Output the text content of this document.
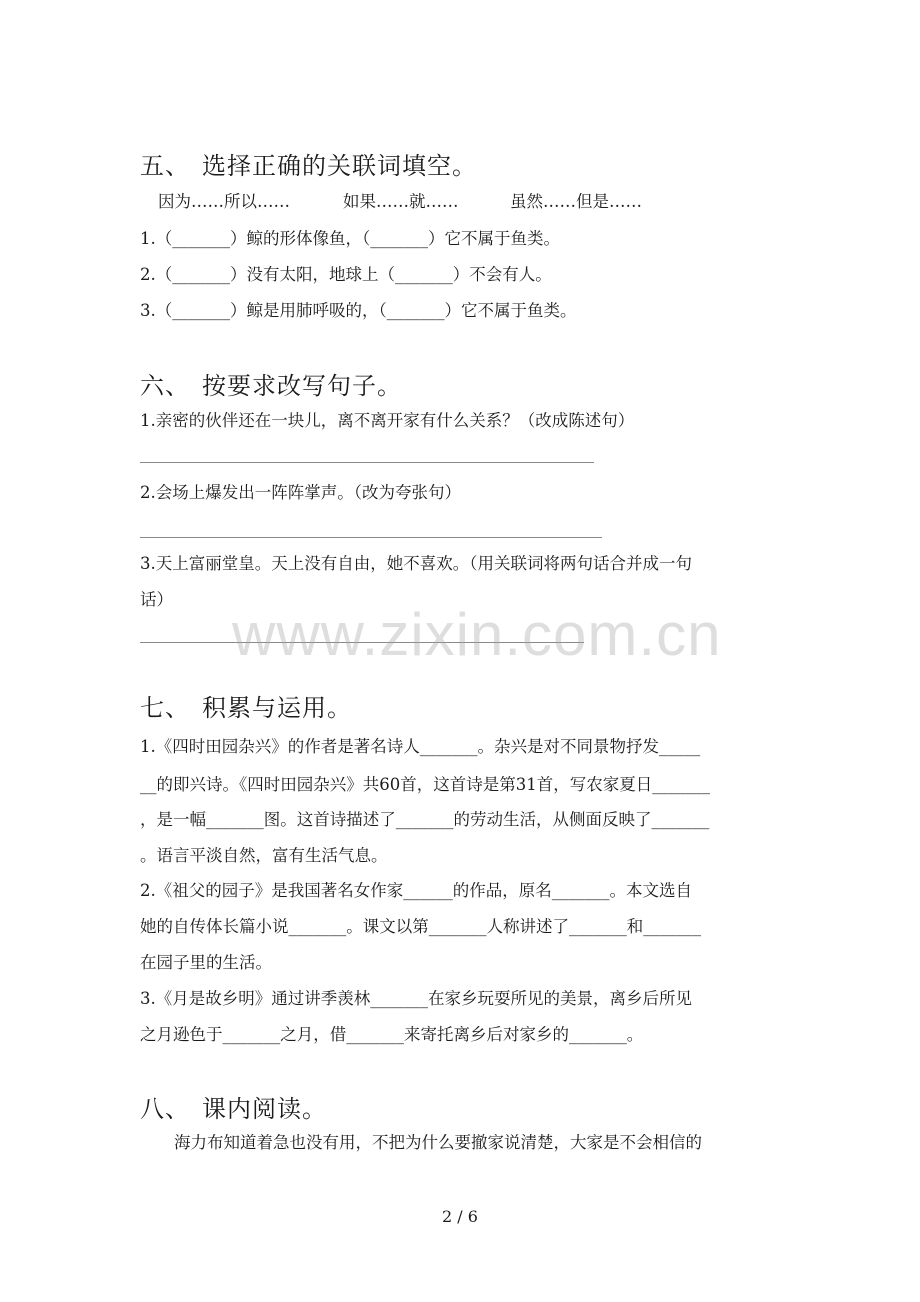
五、 选择正确的关联词填空。
因为……所以……	如果……就……	虽然……但是……
1.（_______）鲸的形体像鱼，（_______）它不属于鱼类。
2.（_______）没有太阳，地球上（_______）不会有人。
3.（_______）鲸是用肺呼吸的，（_______）它不属于鱼类。
六、 按要求改写句子。
1.亲密的伙伴还在一块儿，离不离开家有什么关系？（改成陈述句）
2.会场上爆发出一阵阵掌声。（改为夸张句）
3.天上富丽堂皇。天上没有自由，她不喜欢。（用关联词将两句话合并成一句
话）
七、 积累与运用。
1.《四时田园杂兴》的作者是著名诗人_______。杂兴是对不同景物抒发_____
__的即兴诗。《四时田园杂兴》共60首，这首诗是第31首，写农家夏日_______
，是一幅_______图。这首诗描述了_______的劳动生活，从侧面反映了_______
。语言平淡自然，富有生活气息。
2.《祖父的园子》是我国著名女作家______的作品，原名_______。本文选自
她的自传体长篇小说_______。课文以第_______人称讲述了_______和_______
在园子里的生活。
3.《月是故乡明》通过讲季羡林_______在家乡玩耍所见的美景，离乡后所见
之月逊色于_______之月，借_______来寄托离乡后对家乡的_______。
八、 课内阅读。
海力布知道着急也没有用，不把为什么要撤家说清楚，大家是不会相信的
www.zixin.com.cn
2 / 6
